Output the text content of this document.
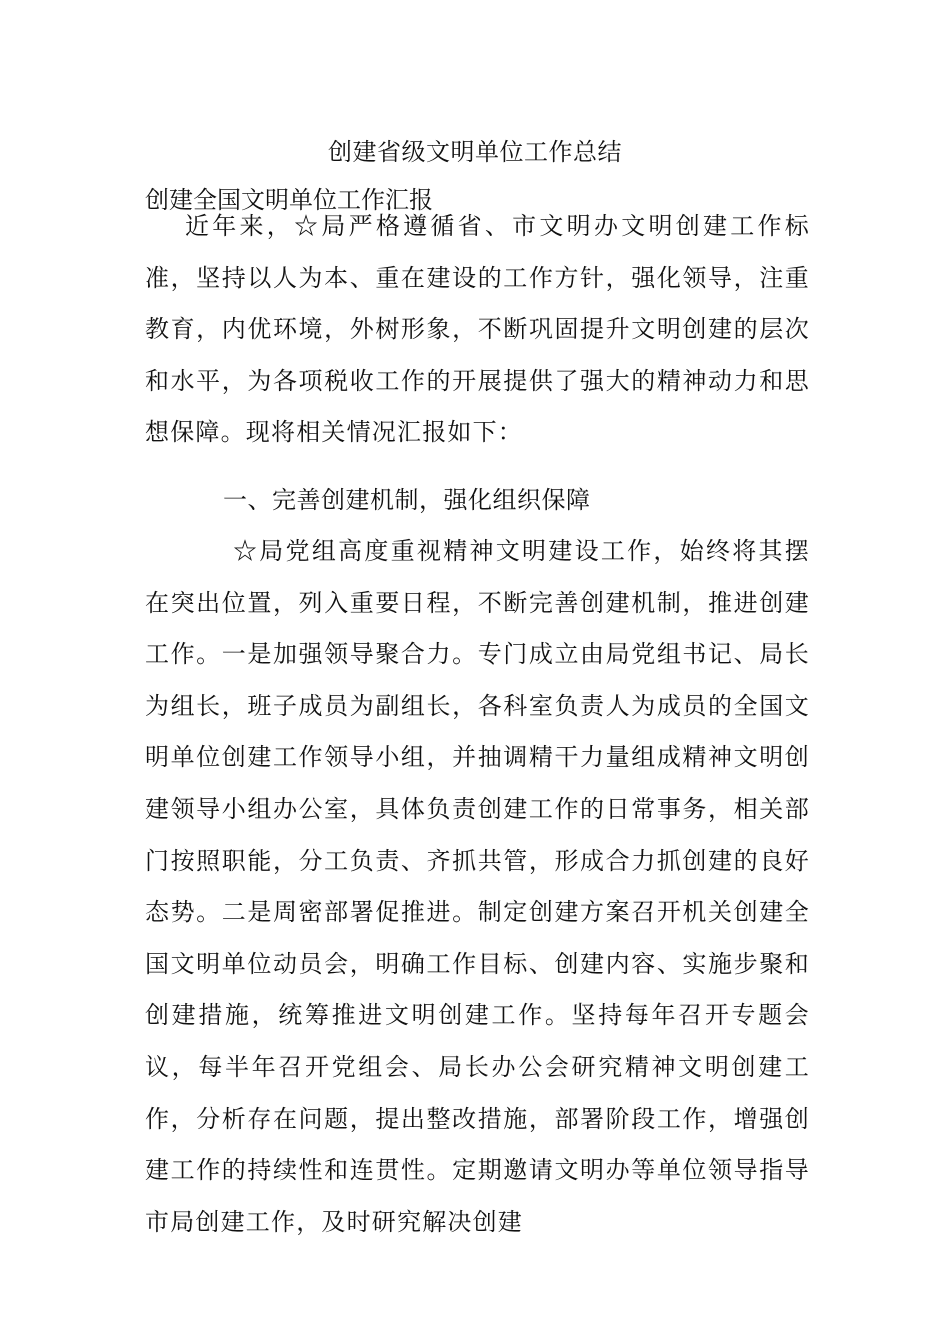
创建省级文明单位工作总结
创建全国文明单位工作汇报

近年来，☆局严格遵循省、市文明办文明创建工作标准，坚持以人为本、重在建设的工作方针，强化领导，注重教育，内优环境，外树形象，不断巩固提升文明创建的层次和水平，为各项税收工作的开展提供了强大的精神动力和思想保障。现将相关情况汇报如下：

一、完善创建机制，强化组织保障

☆局党组高度重视精神文明建设工作，始终将其摆在突出位置，列入重要日程，不断完善创建机制，推进创建工作。一是加强领导聚合力。专门成立由局党组书记、局长为组长，班子成员为副组长，各科室负责人为成员的全国文明单位创建工作领导小组，并抽调精干力量组成精神文明创建领导小组办公室，具体负责创建工作的日常事务，相关部门按照职能，分工负责、齐抓共管，形成合力抓创建的良好态势。二是周密部署促推进。制定创建方案召开机关创建全国文明单位动员会，明确工作目标、创建内容、实施步聚和创建措施，统筹推进文明创建工作。坚持每年召开专题会议，每半年召开党组会、局长办公会研究精神文明创建工作，分析存在问题，提出整改措施，部署阶段工作，增强创建工作的持续性和连贯性。定期邀请文明办等单位领导指导市局创建工作，及时研究解决创建
